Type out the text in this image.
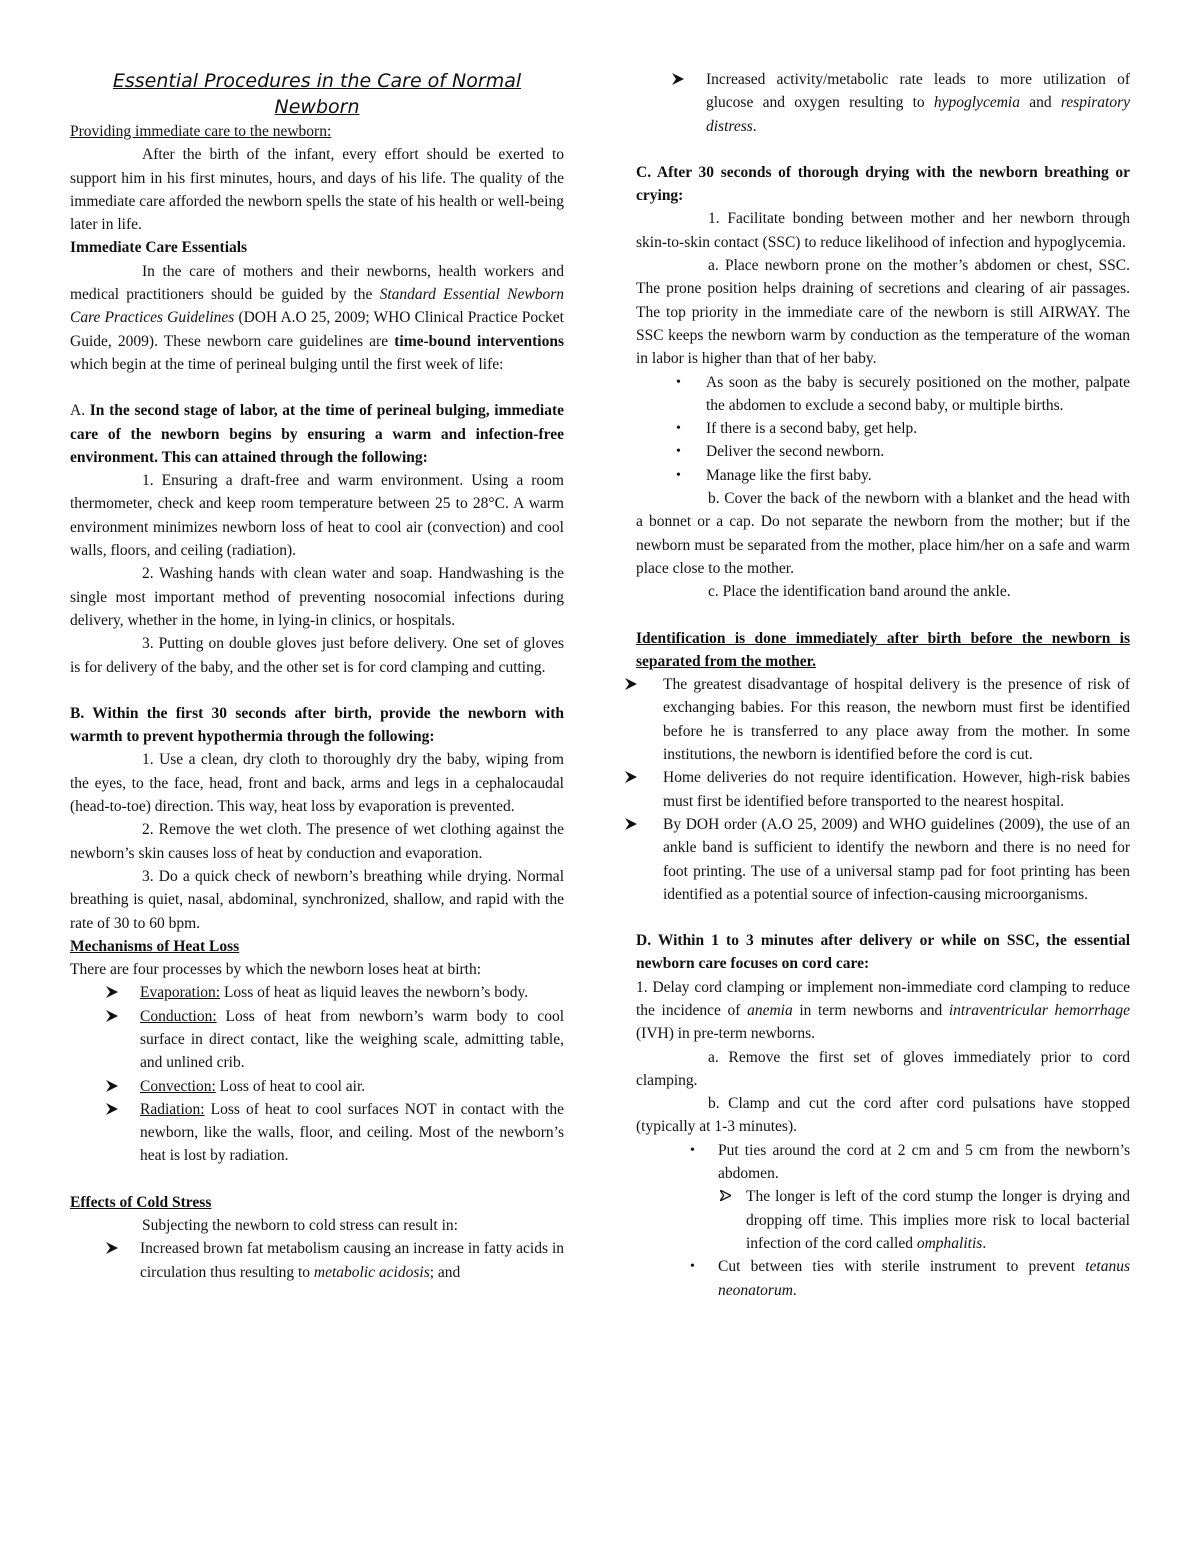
Essential Procedures in the Care of Normal Newborn

Providing immediate care to the newborn:

After the birth of the infant, every effort should be exerted to support him in his first minutes, hours, and days of his life. The quality of the immediate care afforded the newborn spells the state of his health or well-being later in life.

Immediate Care Essentials

In the care of mothers and their newborns, health workers and medical practitioners should be guided by the Standard Essential Newborn Care Practices Guidelines (DOH A.O 25, 2009; WHO Clinical Practice Pocket Guide, 2009). These newborn care guidelines are time-bound interventions which begin at the time of perineal bulging until the first week of life:

A. In the second stage of labor, at the time of perineal bulging, immediate care of the newborn begins by ensuring a warm and infection-free environment. This can attained through the following:

1. Ensuring a draft-free and warm environment. Using a room thermometer, check and keep room temperature between 25 to 28°C. A warm environment minimizes newborn loss of heat to cool air (convection) and cool walls, floors, and ceiling (radiation).

2. Washing hands with clean water and soap. Handwashing is the single most important method of preventing nosocomial infections during delivery, whether in the home, in lying-in clinics, or hospitals.

3. Putting on double gloves just before delivery. One set of gloves is for delivery of the baby, and the other set is for cord clamping and cutting.

B. Within the first 30 seconds after birth, provide the newborn with warmth to prevent hypothermia through the following:

1. Use a clean, dry cloth to thoroughly dry the baby, wiping from the eyes, to the face, head, front and back, arms and legs in a cephalocaudal (head-to-toe) direction. This way, heat loss by evaporation is prevented.

2. Remove the wet cloth. The presence of wet clothing against the newborn’s skin causes loss of heat by conduction and evaporation.

3. Do a quick check of newborn’s breathing while drying. Normal breathing is quiet, nasal, abdominal, synchronized, shallow, and rapid with the rate of 30 to 60 bpm.

Mechanisms of Heat Loss

There are four processes by which the newborn loses heat at birth:

Evaporation: Loss of heat as liquid leaves the newborn’s body.
Conduction: Loss of heat from newborn’s warm body to cool surface in direct contact, like the weighing scale, admitting table, and unlined crib.
Convection: Loss of heat to cool air.
Radiation: Loss of heat to cool surfaces NOT in contact with the newborn, like the walls, floor, and ceiling. Most of the newborn’s heat is lost by radiation.

Effects of Cold Stress

Subjecting the newborn to cold stress can result in:

Increased brown fat metabolism causing an increase in fatty acids in circulation thus resulting to metabolic acidosis; and
Increased activity/metabolic rate leads to more utilization of glucose and oxygen resulting to hypoglycemia and respiratory distress.

C. After 30 seconds of thorough drying with the newborn breathing or crying:

1. Facilitate bonding between mother and her newborn through skin-to-skin contact (SSC) to reduce likelihood of infection and hypoglycemia.

a. Place newborn prone on the mother’s abdomen or chest, SSC. The prone position helps draining of secretions and clearing of air passages. The top priority in the immediate care of the newborn is still AIRWAY. The SSC keeps the newborn warm by conduction as the temperature of the woman in labor is higher than that of her baby.

• As soon as the baby is securely positioned on the mother, palpate the abdomen to exclude a second baby, or multiple births.
• If there is a second baby, get help.
• Deliver the second newborn.
• Manage like the first baby.

b. Cover the back of the newborn with a blanket and the head with a bonnet or a cap. Do not separate the newborn from the mother; but if the newborn must be separated from the mother, place him/her on a safe and warm place close to the mother.

c. Place the identification band around the ankle.

Identification is done immediately after birth before the newborn is separated from the mother.

The greatest disadvantage of hospital delivery is the presence of risk of exchanging babies. For this reason, the newborn must first be identified before he is transferred to any place away from the mother. In some institutions, the newborn is identified before the cord is cut.
Home deliveries do not require identification. However, high-risk babies must first be identified before transported to the nearest hospital.
By DOH order (A.O 25, 2009) and WHO guidelines (2009), the use of an ankle band is sufficient to identify the newborn and there is no need for foot printing. The use of a universal stamp pad for foot printing has been identified as a potential source of infection-causing microorganisms.

D. Within 1 to 3 minutes after delivery or while on SSC, the essential newborn care focuses on cord care:

1. Delay cord clamping or implement non-immediate cord clamping to reduce the incidence of anemia in term newborns and intraventricular hemorrhage (IVH) in pre-term newborns.

a. Remove the first set of gloves immediately prior to cord clamping.

b. Clamp and cut the cord after cord pulsations have stopped (typically at 1-3 minutes).

• Put ties around the cord at 2 cm and 5 cm from the newborn’s abdomen.
The longer is left of the cord stump the longer is drying and dropping off time. This implies more risk to local bacterial infection of the cord called omphalitis.
• Cut between ties with sterile instrument to prevent tetanus neonatorum.
